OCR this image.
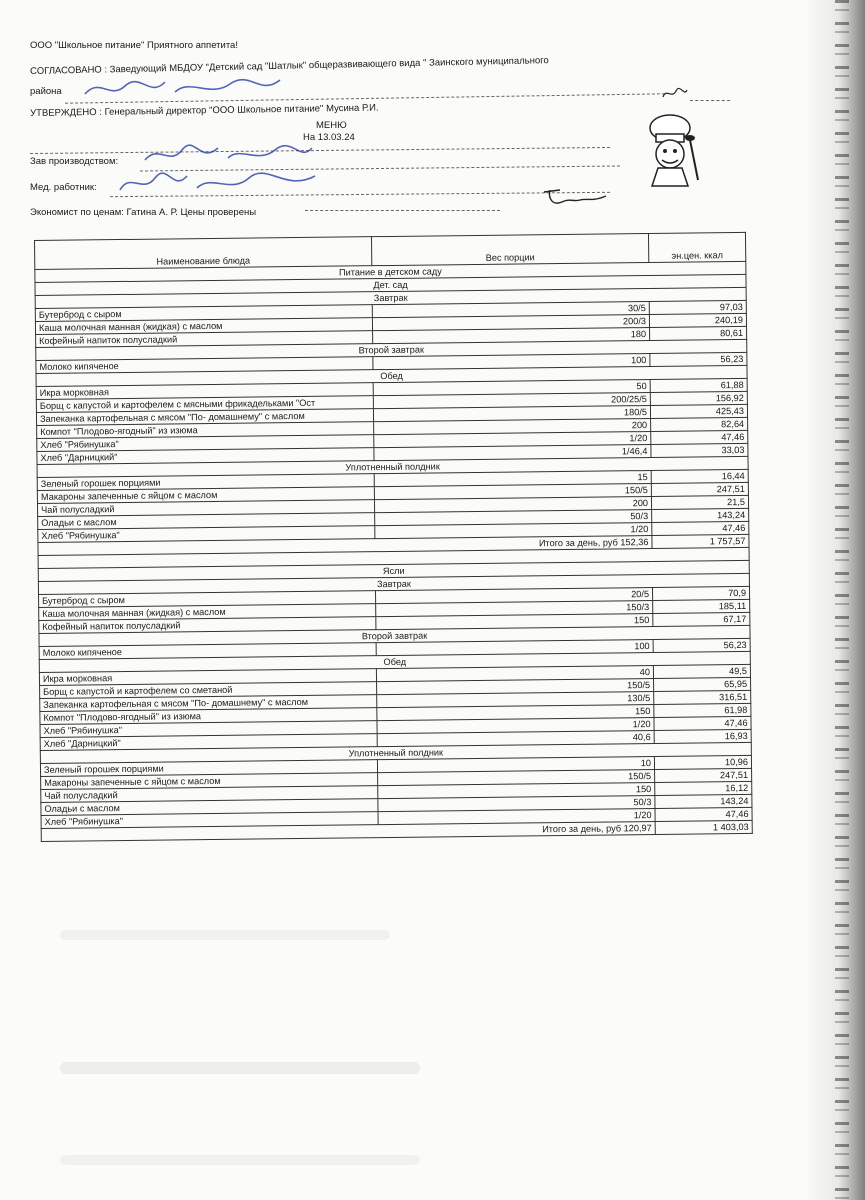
ООО "Школьное питание" Приятного аппетита!
СОГЛАСОВАНО : Заведующий МБДОУ "Детский сад "Шатлык" общеразвивающего вида " Заинского муниципального
района
УТВЕРЖДЕНО : Генеральный директор "ООО Школьное питание" Мусина Р.И.
МЕНЮ
На 13.03.24
Зав производством:
Мед. работник:
Экономист по ценам: Гатина А. Р. Цены проверены
Наименование блюда	Вес порции	эн.цен. ккал
Питание в детском саду		
Дет. сад		
Завтрак		
Бутерброд с сыром	30/5	97,03
Каша молочная манная (жидкая) с маслом	200/3	240,19
Кофейный напиток полусладкий	180	80,61
Второй завтрак		
Молоко кипяченое	100	56,23
Обед		
Икра морковная	50	61,88
Борщ с капустой и картофелем с мясными фрикадельками "Ост	200/25/5	156,92
Запеканка картофельная с мясом "По- домашнему" с маслом	180/5	425,43
Компот "Плодово-ягодный" из изюма	200	82,64
Хлеб "Рябинушка"	1/20	47,46
Хлеб "Дарницкий"	1/46,4	33,03
Уплотненный полдник		
Зеленый горошек порциями	15	16,44
Макароны запеченные с яйцом с маслом	150/5	247,51
Чай полусладкий	200	21,5
Оладьи с маслом	50/3	143,24
Хлеб "Рябинушка"	1/20	47,46
Итого за день, руб 152,36		1 757,57

Ясли		
Завтрак		
Бутерброд с сыром	20/5	70,9
Каша молочная манная (жидкая) с маслом	150/3	185,11
Кофейный напиток полусладкий	150	67,17
Второй завтрак		
Молоко кипяченое	100	56,23
Обед		
Икра морковная	40	49,5
Борщ с капустой и картофелем со сметаной	150/5	65,95
Запеканка картофельная с мясом "По- домашнему" с маслом	130/5	316,51
Компот "Плодово-ягодный" из изюма	150	61,98
Хлеб "Рябинушка"	1/20	47,46
Хлеб "Дарницкий"	40,6	16,93
Уплотненный полдник		
Зеленый горошек порциями	10	10,96
Макароны запеченные с яйцом с маслом	150/5	247,51
Чай полусладкий	150	16,12
Оладьи с маслом	50/3	143,24
Хлеб "Рябинушка"	1/20	47,46
Итого за день, руб 120,97		1 403,03
